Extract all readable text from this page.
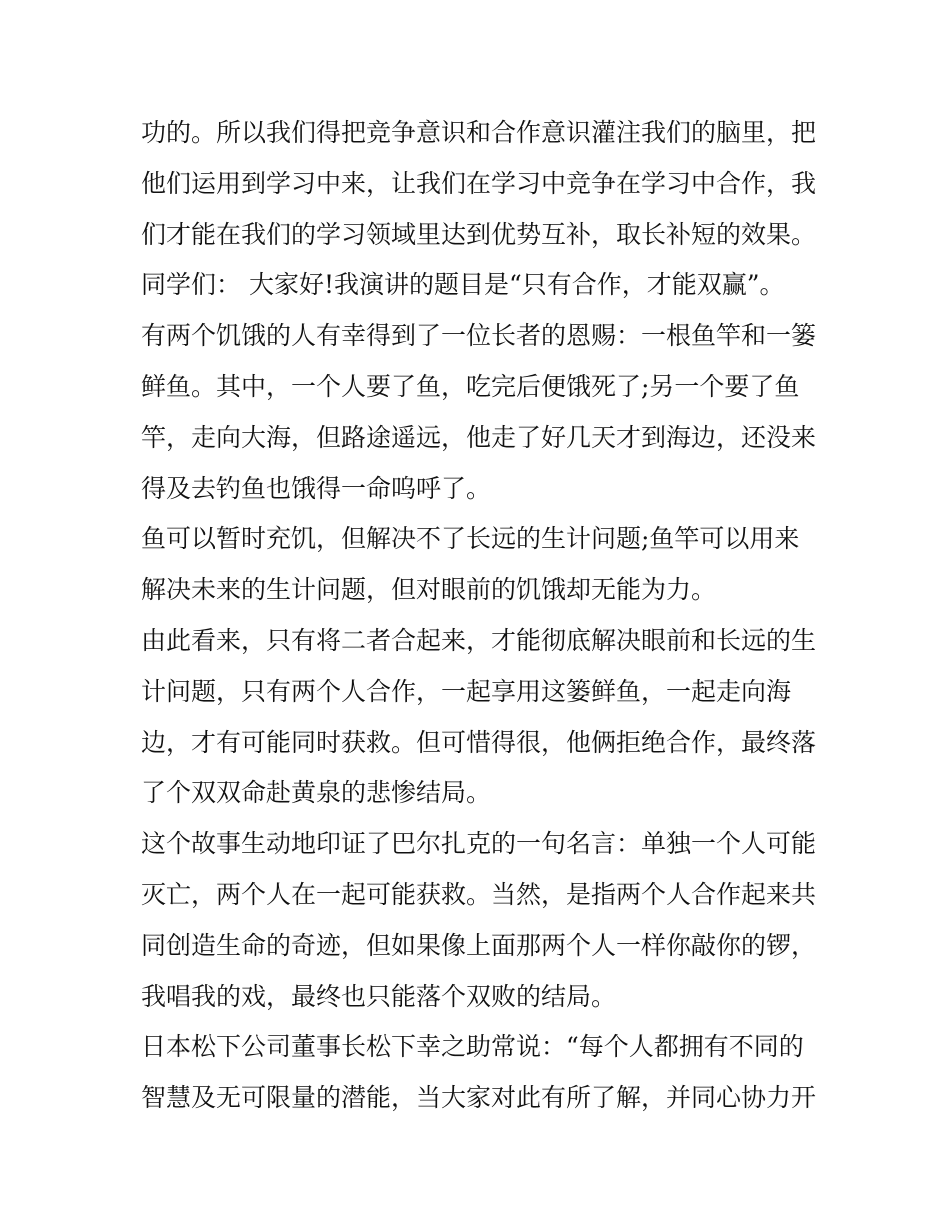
功的。所以我们得把竞争意识和合作意识灌注我们的脑里，把
他们运用到学习中来，让我们在学习中竞争在学习中合作，我
们才能在我们的学习领域里达到优势互补，取长补短的效果。
同学们： 大家好!我演讲的题目是“只有合作，才能双赢”。
有两个饥饿的人有幸得到了一位长者的恩赐：一根鱼竿和一篓
鲜鱼。其中，一个人要了鱼，吃完后便饿死了;另一个要了鱼
竿，走向大海，但路途遥远，他走了好几天才到海边，还没来
得及去钓鱼也饿得一命呜呼了。
鱼可以暂时充饥，但解决不了长远的生计问题;鱼竿可以用来
解决未来的生计问题，但对眼前的饥饿却无能为力。
由此看来，只有将二者合起来，才能彻底解决眼前和长远的生
计问题，只有两个人合作，一起享用这篓鲜鱼，一起走向海
边，才有可能同时获救。但可惜得很，他俩拒绝合作，最终落
了个双双命赴黄泉的悲惨结局。
这个故事生动地印证了巴尔扎克的一句名言：单独一个人可能
灭亡，两个人在一起可能获救。当然，是指两个人合作起来共
同创造生命的奇迹，但如果像上面那两个人一样你敲你的锣，
我唱我的戏，最终也只能落个双败的结局。
日本松下公司董事长松下幸之助常说：“每个人都拥有不同的
智慧及无可限量的潜能，当大家对此有所了解，并同心协力开
